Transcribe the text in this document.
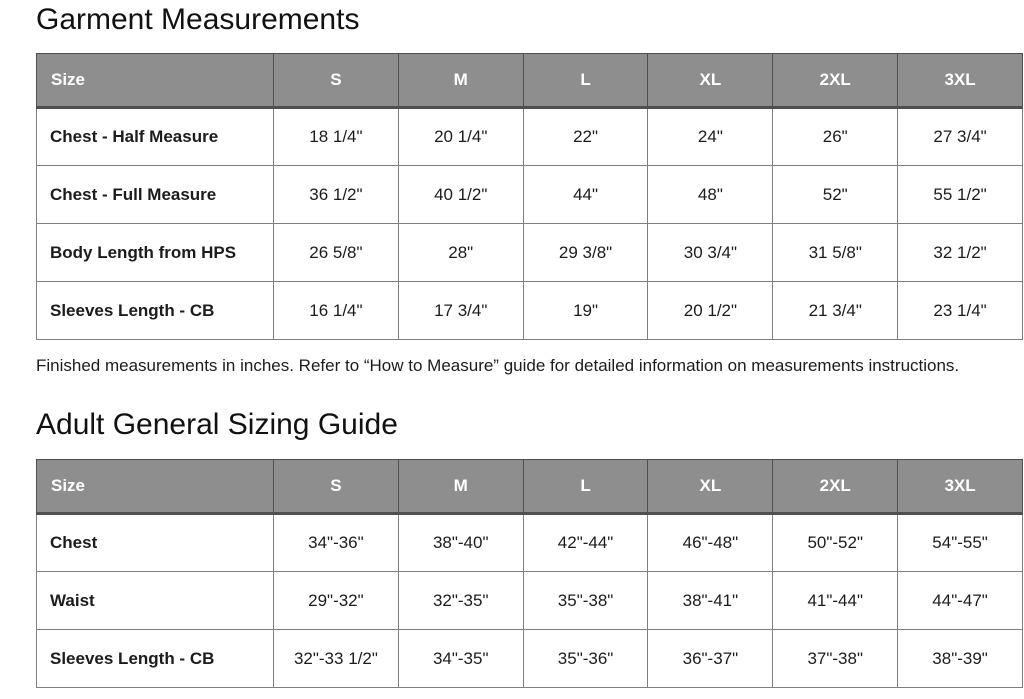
Garment Measurements
Size	S	M	L	XL	2XL	3XL
Chest - Half Measure	18 1/4"	20 1/4"	22"	24"	26"	27 3/4"
Chest - Full Measure	36 1/2"	40 1/2"	44"	48"	52"	55 1/2"
Body Length from HPS	26 5/8"	28"	29 3/8"	30 3/4"	31 5/8"	32 1/2"
Sleeves Length - CB	16 1/4"	17 3/4"	19"	20 1/2"	21 3/4"	23 1/4"

Finished measurements in inches. Refer to “How to Measure” guide for detailed information on measurements instructions.

Adult General Sizing Guide
Size	S	M	L	XL	2XL	3XL
Chest	34"-36"	38"-40"	42"-44"	46"-48"	50"-52"	54"-55"
Waist	29"-32"	32"-35"	35"-38"	38"-41"	41"-44"	44"-47"
Sleeves Length - CB	32"-33 1/2"	34"-35"	35"-36"	36"-37"	37"-38"	38"-39"
